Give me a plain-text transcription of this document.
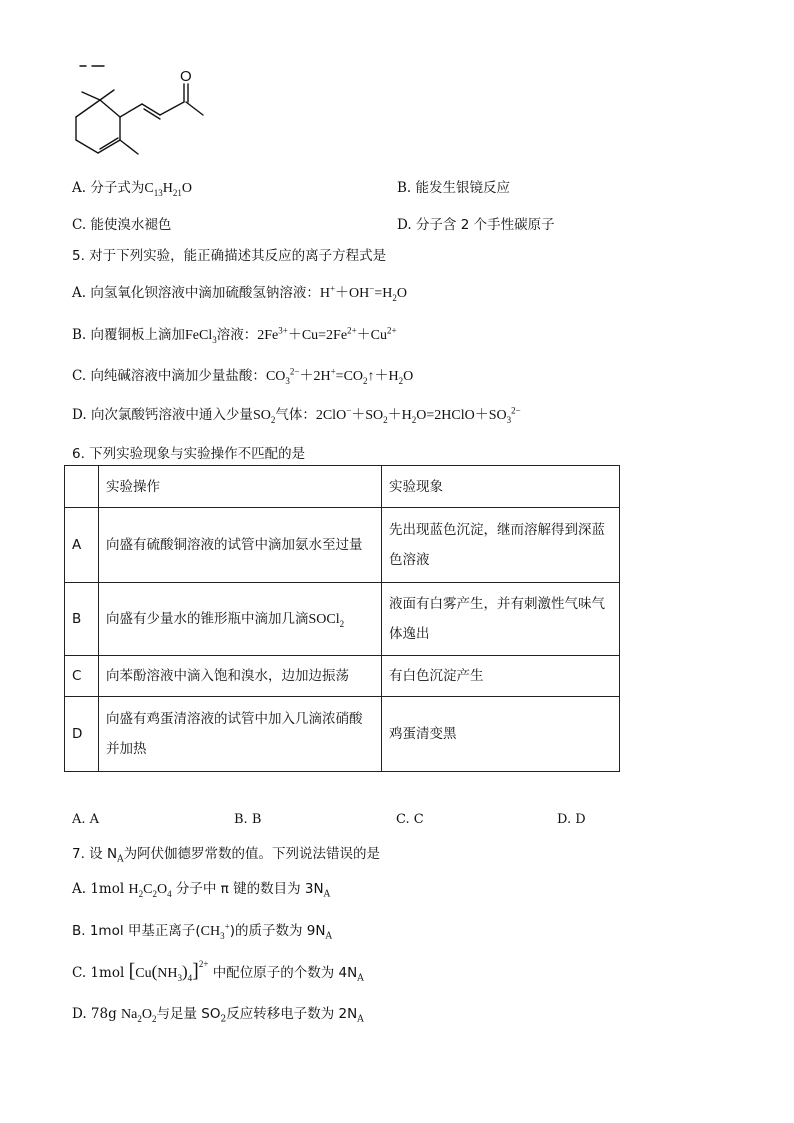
O
A. 分子式为$C_{13}H_{21}O$	B. 能发生银镜反应
C. 能使溴水褪色	D. 分子含 2 个手性碳原子
5. 对于下列实验，能正确描述其反应的离子方程式是
A. 向氢氧化钡溶液中滴加硫酸氢钠溶液：$H^++OH^-=H_2O$
B. 向覆铜板上滴加FeCl$_3$溶液：$2Fe^{3+}+Cu=2Fe^{2+}+Cu^{2+}$
C. 向纯碱溶液中滴加少量盐酸：$CO_3^{2-}+2H^+=CO_2↑+H_2O$
D. 向次氯酸钙溶液中通入少量$SO_2$气体：$2ClO^-+SO_2+H_2O=2HClO+SO_3^{2-}$
6. 下列实验现象与实验操作不匹配的是
	实验操作	实验现象
A	向盛有硫酸铜溶液的试管中滴加氨水至过量	先出现蓝色沉淀，继而溶解得到深蓝色溶液
B	向盛有少量水的锥形瓶中滴加几滴SOCl$_2$	液面有白雾产生，并有刺激性气味气体逸出
C	向苯酚溶液中滴入饱和溴水，边加边振荡	有白色沉淀产生
D	向盛有鸡蛋清溶液的试管中加入几滴浓硝酸并加热	鸡蛋清变黑
A. A	B. B	C. C	D. D
7. 设 $N_A$为阿伏伽德罗常数的值。下列说法错误的是
A. 1mol $H_2C_2O_4$ 分子中 π 键的数目为 $3N_A$
B. 1mol 甲基正离子$(CH_3^+)$的质子数为 $9N_A$
C. 1mol $[Cu(NH_3)_4]^{2+}$ 中配位原子的个数为 $4N_A$
D. 78g $Na_2O_2$与足量 $SO_2$反应转移电子数为 $2N_A$
